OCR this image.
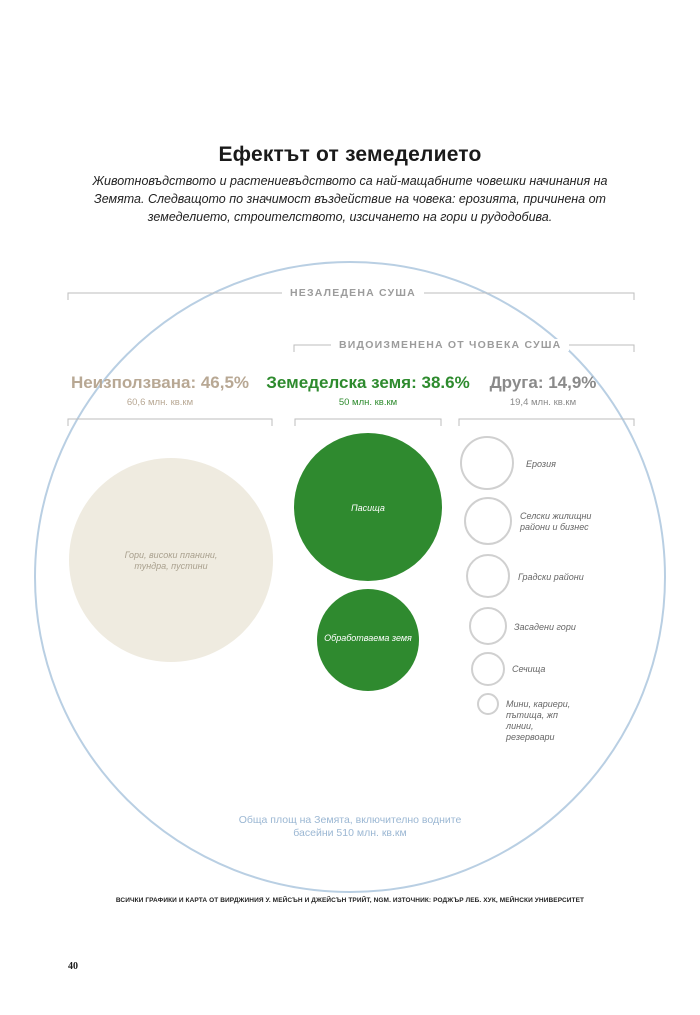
Ефектът от земеделието
Животновъдството и растениевъдството са най-мащабните човешки начинания на Земята. Следващото по значимост въздействие на човека: ерозията, причинена от земеделието, строителството, изсичането на гори и рудодобива.
НЕЗАЛЕДЕНА СУША
ВИДОИЗМЕНЕНА ОТ ЧОВЕКА СУША
Неизползвана: 46,5%
60,6 млн. кв.км
Земеделска земя: 38.6%
50 млн. кв.км
Друга: 14,9%
19,4 млн. кв.км
Гори, високи планини, тундра, пустини
Пасища
Обработваема земя
Ерозия
Селски жилищни райони и бизнес
Градски райони
Засадени гори
Сечища
Мини, кариери, пътища, жп линии, резервоари
Обща площ на Земята, включително водните басейни 510 млн. кв.км
ВСИЧКИ ГРАФИКИ И КАРТА ОТ ВИРДЖИНИЯ У. МЕЙСЪН И ДЖЕЙСЪН ТРИЙТ, NGM. ИЗТОЧНИК: РОДЖЪР ЛЕБ. ХУК, МЕЙНСКИ УНИВЕРСИТЕТ
40
